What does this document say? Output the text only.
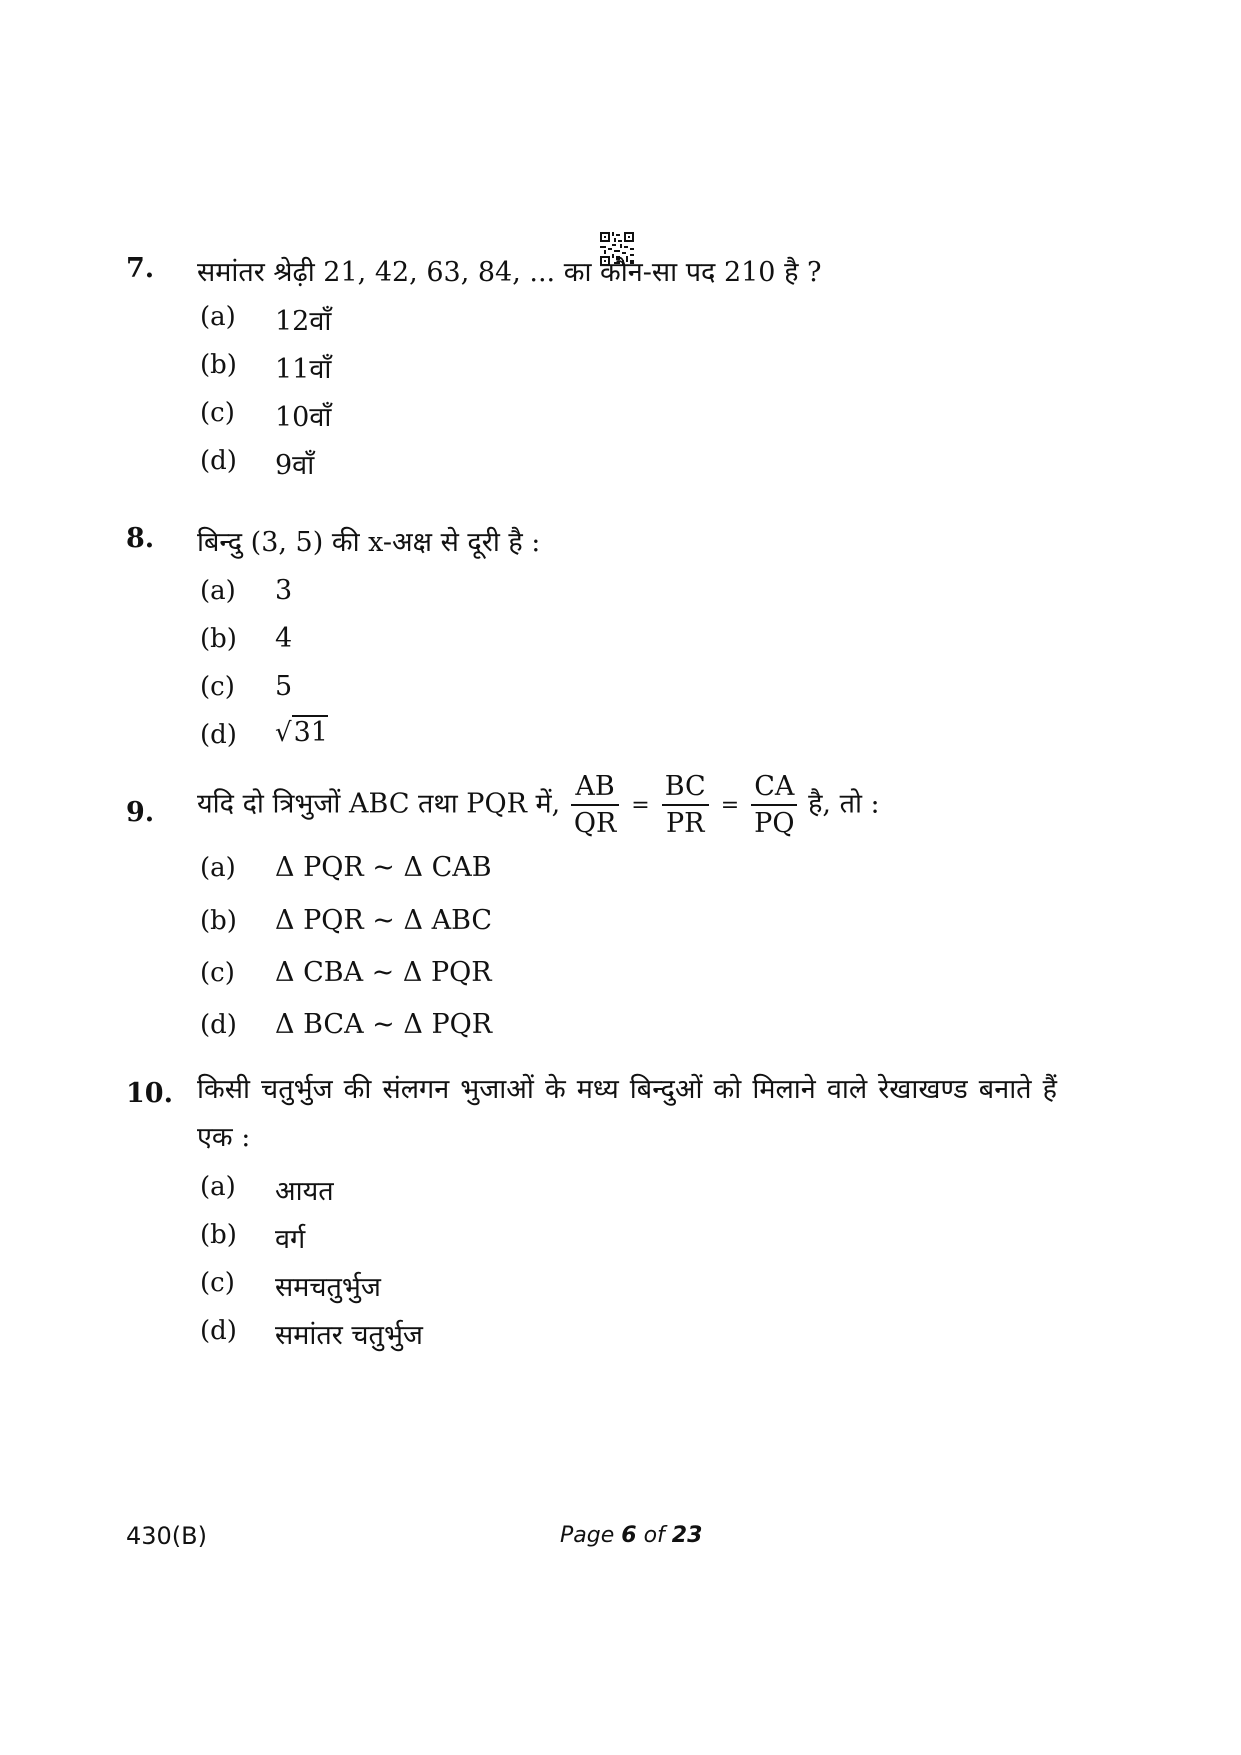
7. समांतर श्रेढ़ी 21, 42, 63, 84, ... का कौन-सा पद 210 है ?
(a) 12वाँ
(b) 11वाँ
(c) 10वाँ
(d) 9वाँ
8. बिन्दु (3, 5) की x-अक्ष से दूरी है :
(a) 3
(b) 4
(c) 5
(d) √31
9. यदि दो त्रिभुजों ABC तथा PQR में, $\frac{AB}{QR} = \frac{BC}{PR} = \frac{CA}{PQ}$ है, तो :
(a) Δ PQR ~ Δ CAB
(b) Δ PQR ~ Δ ABC
(c) Δ CBA ~ Δ PQR
(d) Δ BCA ~ Δ PQR
10. किसी चतुर्भुज की संलगन भुजाओं के मध्य बिन्दुओं को मिलाने वाले रेखाखण्ड बनाते हैं एक :
(a) आयत
(b) वर्ग
(c) समचतुर्भुज
(d) समांतर चतुर्भुज
430(B)	Page 6 of 23
